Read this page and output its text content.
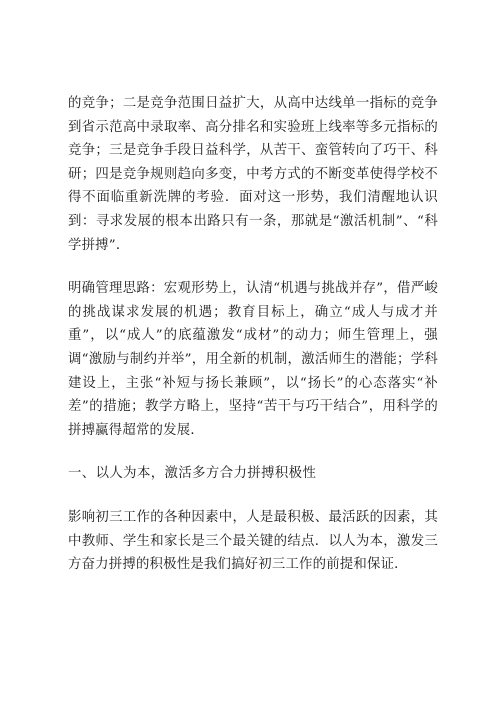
的竞争；二是竞争范围日益扩大，从高中达线单一指标的竞争到省示范高中录取率、高分排名和实验班上线率等多元指标的竞争；三是竞争手段日益科学，从苦干、蛮管转向了巧干、科研；四是竞争规则趋向多变，中考方式的不断变革使得学校不得不面临重新洗牌的考验．面对这一形势，我们清醒地认识到：寻求发展的根本出路只有一条，那就是“激活机制”、“科学拼搏”．

明确管理思路：宏观形势上，认清“机遇与挑战并存”，借严峻的挑战谋求发展的机遇；教育目标上，确立“成人与成才并重”，以“成人”的底蕴激发“成材”的动力；师生管理上，强调“激励与制约并举”，用全新的机制，激活师生的潜能；学科建设上，主张“补短与扬长兼顾”，以“扬长”的心态落实“补差”的措施；教学方略上，坚持“苦干与巧干结合”，用科学的拼搏赢得超常的发展．

一、以人为本，激活多方合力拼搏积极性

影响初三工作的各种因素中，人是最积极、最活跃的因素，其中教师、学生和家长是三个最关键的结点．以人为本，激发三方奋力拼搏的积极性是我们搞好初三工作的前提和保证．
